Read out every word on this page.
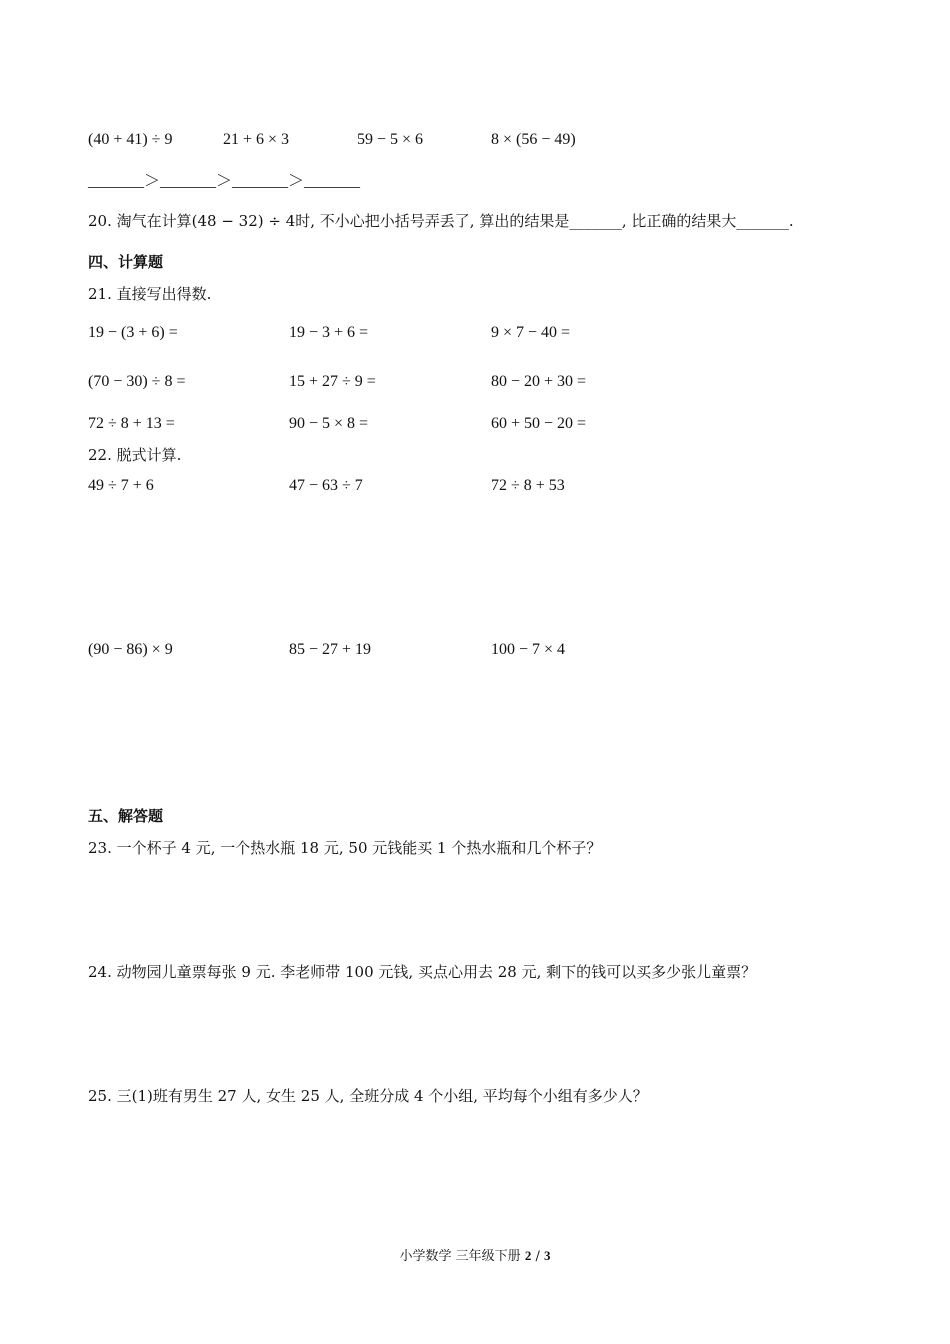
(40 + 41) ÷ 9	21 + 6 × 3	59 − 5 × 6	8 × (56 − 49)
_______＞_______＞_______＞_______
20. 淘气在计算(48 − 32) ÷ 4时, 不小心把小括号弄丢了, 算出的结果是_______, 比正确的结果大_______.
四、计算题
21. 直接写出得数.
19 − (3 + 6) =	19 − 3 + 6 =	9 × 7 − 40 =
(70 − 30) ÷ 8 =	15 + 27 ÷ 9 =	80 − 20 + 30 =
72 ÷ 8 + 13 =	90 − 5 × 8 =	60 + 50 − 20 =
22. 脱式计算.
49 ÷ 7 + 6	47 − 63 ÷ 7	72 ÷ 8 + 53
(90 − 86) × 9	85 − 27 + 19	100 − 7 × 4
五、解答题
23. 一个杯子 4 元, 一个热水瓶 18 元, 50 元钱能买 1 个热水瓶和几个杯子？
24. 动物园儿童票每张 9 元. 李老师带 100 元钱, 买点心用去 28 元, 剩下的钱可以买多少张儿童票？
25. 三(1)班有男生 27 人, 女生 25 人, 全班分成 4 个小组, 平均每个小组有多少人？
小学数学 三年级下册 2 / 3
